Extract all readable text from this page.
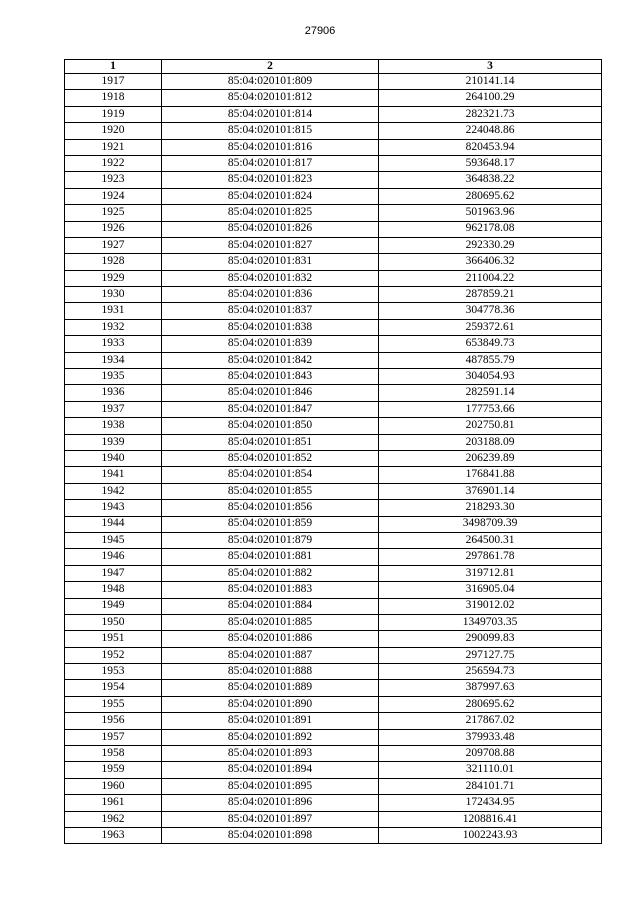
27906
1	2	3
1917	85:04:020101:809	210141.14
1918	85:04:020101:812	264100.29
1919	85:04:020101:814	282321.73
1920	85:04:020101:815	224048.86
1921	85:04:020101:816	820453.94
1922	85:04:020101:817	593648.17
1923	85:04:020101:823	364838.22
1924	85:04:020101:824	280695.62
1925	85:04:020101:825	501963.96
1926	85:04:020101:826	962178.08
1927	85:04:020101:827	292330.29
1928	85:04:020101:831	366406.32
1929	85:04:020101:832	211004.22
1930	85:04:020101:836	287859.21
1931	85:04:020101:837	304778.36
1932	85:04:020101:838	259372.61
1933	85:04:020101:839	653849.73
1934	85:04:020101:842	487855.79
1935	85:04:020101:843	304054.93
1936	85:04:020101:846	282591.14
1937	85:04:020101:847	177753.66
1938	85:04:020101:850	202750.81
1939	85:04:020101:851	203188.09
1940	85:04:020101:852	206239.89
1941	85:04:020101:854	176841.88
1942	85:04:020101:855	376901.14
1943	85:04:020101:856	218293.30
1944	85:04:020101:859	3498709.39
1945	85:04:020101:879	264500.31
1946	85:04:020101:881	297861.78
1947	85:04:020101:882	319712.81
1948	85:04:020101:883	316905.04
1949	85:04:020101:884	319012.02
1950	85:04:020101:885	1349703.35
1951	85:04:020101:886	290099.83
1952	85:04:020101:887	297127.75
1953	85:04:020101:888	256594.73
1954	85:04:020101:889	387997.63
1955	85:04:020101:890	280695.62
1956	85:04:020101:891	217867.02
1957	85:04:020101:892	379933.48
1958	85:04:020101:893	209708.88
1959	85:04:020101:894	321110.01
1960	85:04:020101:895	284101.71
1961	85:04:020101:896	172434.95
1962	85:04:020101:897	1208816.41
1963	85:04:020101:898	1002243.93
